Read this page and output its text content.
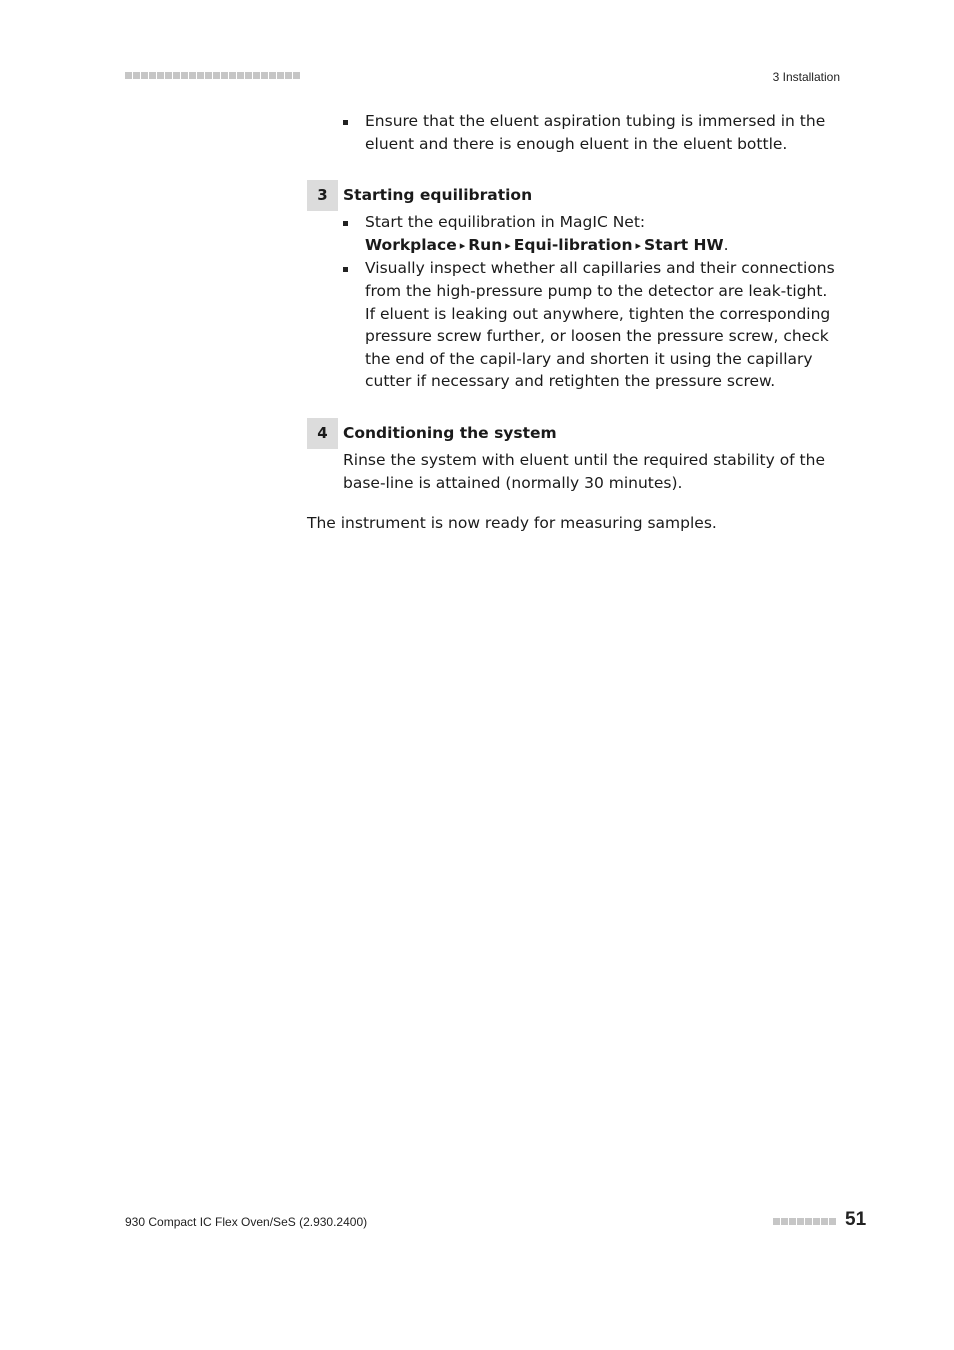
3 Installation
Ensure that the eluent aspiration tubing is immersed in the eluent and there is enough eluent in the eluent bottle.
3 Starting equilibration
Start the equilibration in MagIC Net: Workplace ▸ Run ▸ Equi-libration ▸ Start HW.
Visually inspect whether all capillaries and their connections from the high-pressure pump to the detector are leak-tight. If eluent is leaking out anywhere, tighten the corresponding pressure screw further, or loosen the pressure screw, check the end of the capil-lary and shorten it using the capillary cutter if necessary and retighten the pressure screw.
4 Conditioning the system
Rinse the system with eluent until the required stability of the base-line is attained (normally 30 minutes).
The instrument is now ready for measuring samples.
930 Compact IC Flex Oven/SeS (2.930.2400)	51
